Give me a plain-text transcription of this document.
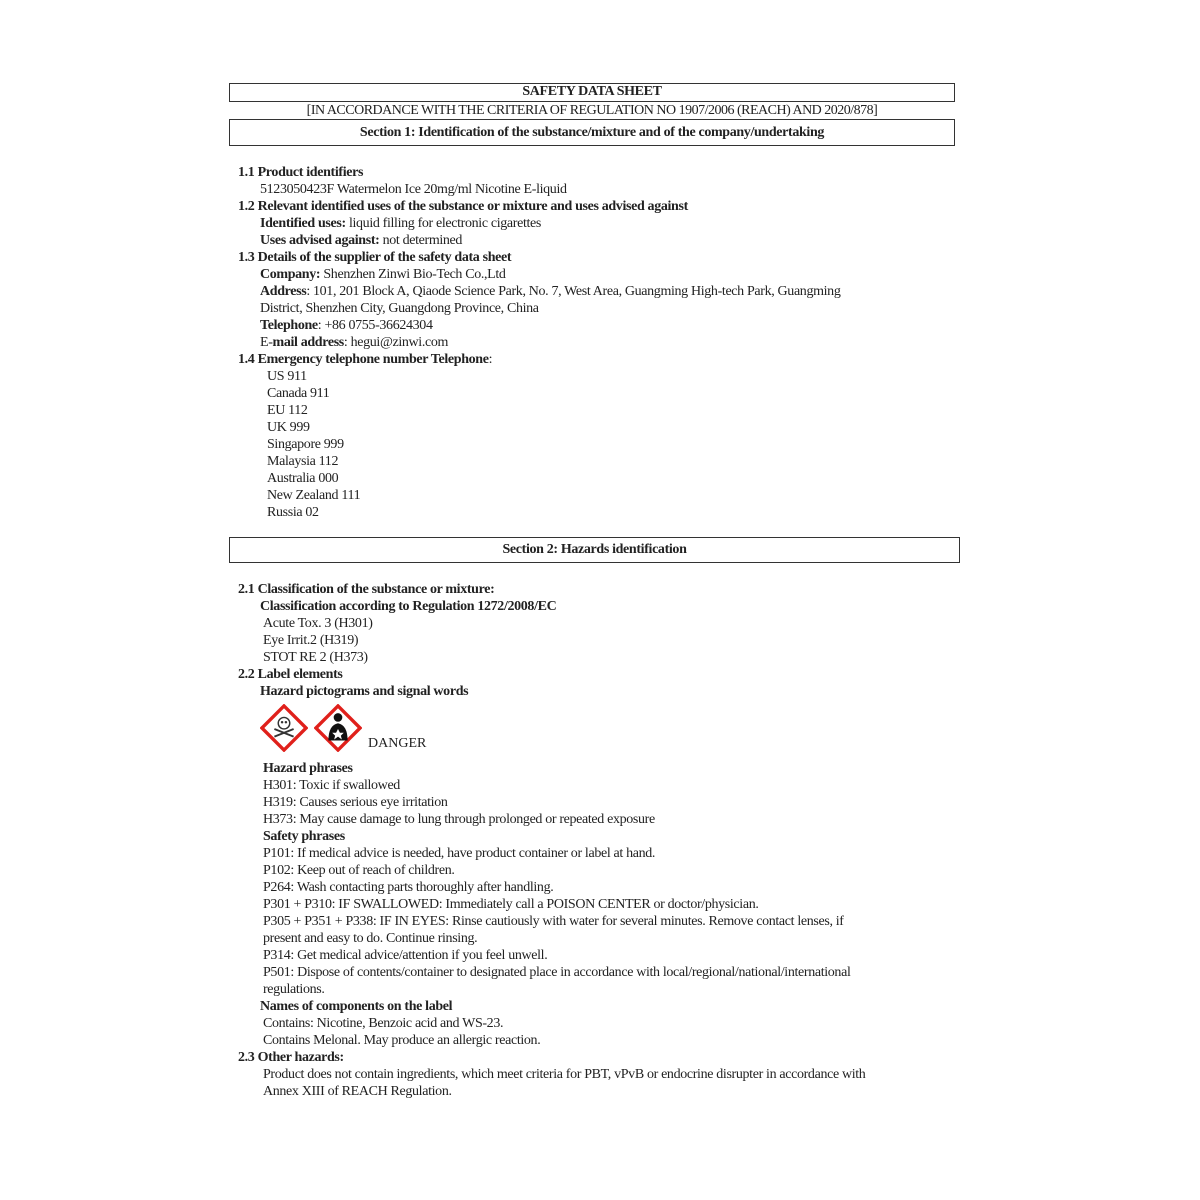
SAFETY DATA SHEET
[IN ACCORDANCE WITH THE CRITERIA OF REGULATION NO 1907/2006 (REACH) AND 2020/878]
Section 1: Identification of the substance/mixture and of the company/undertaking
1.1 Product identifiers
5123050423F Watermelon Ice 20mg/ml Nicotine E-liquid
1.2 Relevant identified uses of the substance or mixture and uses advised against
Identified uses: liquid filling for electronic cigarettes
Uses advised against: not determined
1.3 Details of the supplier of the safety data sheet
Company: Shenzhen Zinwi Bio-Tech Co.,Ltd
Address: 101, 201 Block A, Qiaode Science Park, No. 7, West Area, Guangming High-tech Park, Guangming
District, Shenzhen City, Guangdong Province, China
Telephone: +86 0755-36624304
E-mail address: hegui@zinwi.com
1.4 Emergency telephone number Telephone:
US 911
Canada 911
EU 112
UK 999
Singapore 999
Malaysia 112
Australia 000
New Zealand 111
Russia 02
Section 2: Hazards identification
2.1 Classification of the substance or mixture:
Classification according to Regulation 1272/2008/EC
Acute Tox. 3 (H301)
Eye Irrit.2 (H319)
STOT RE 2 (H373)
2.2 Label elements
Hazard pictograms and signal words
DANGER
Hazard phrases
H301: Toxic if swallowed
H319: Causes serious eye irritation
H373: May cause damage to lung through prolonged or repeated exposure
Safety phrases
P101: If medical advice is needed, have product container or label at hand.
P102: Keep out of reach of children.
P264: Wash contacting parts thoroughly after handling.
P301 + P310: IF SWALLOWED: Immediately call a POISON CENTER or doctor/physician.
P305 + P351 + P338: IF IN EYES: Rinse cautiously with water for several minutes. Remove contact lenses, if
present and easy to do. Continue rinsing.
P314: Get medical advice/attention if you feel unwell.
P501: Dispose of contents/container to designated place in accordance with local/regional/national/international
regulations.
Names of components on the label
Contains: Nicotine, Benzoic acid and WS-23.
Contains Melonal. May produce an allergic reaction.
2.3 Other hazards:
Product does not contain ingredients, which meet criteria for PBT, vPvB or endocrine disrupter in accordance with
Annex XIII of REACH Regulation.
